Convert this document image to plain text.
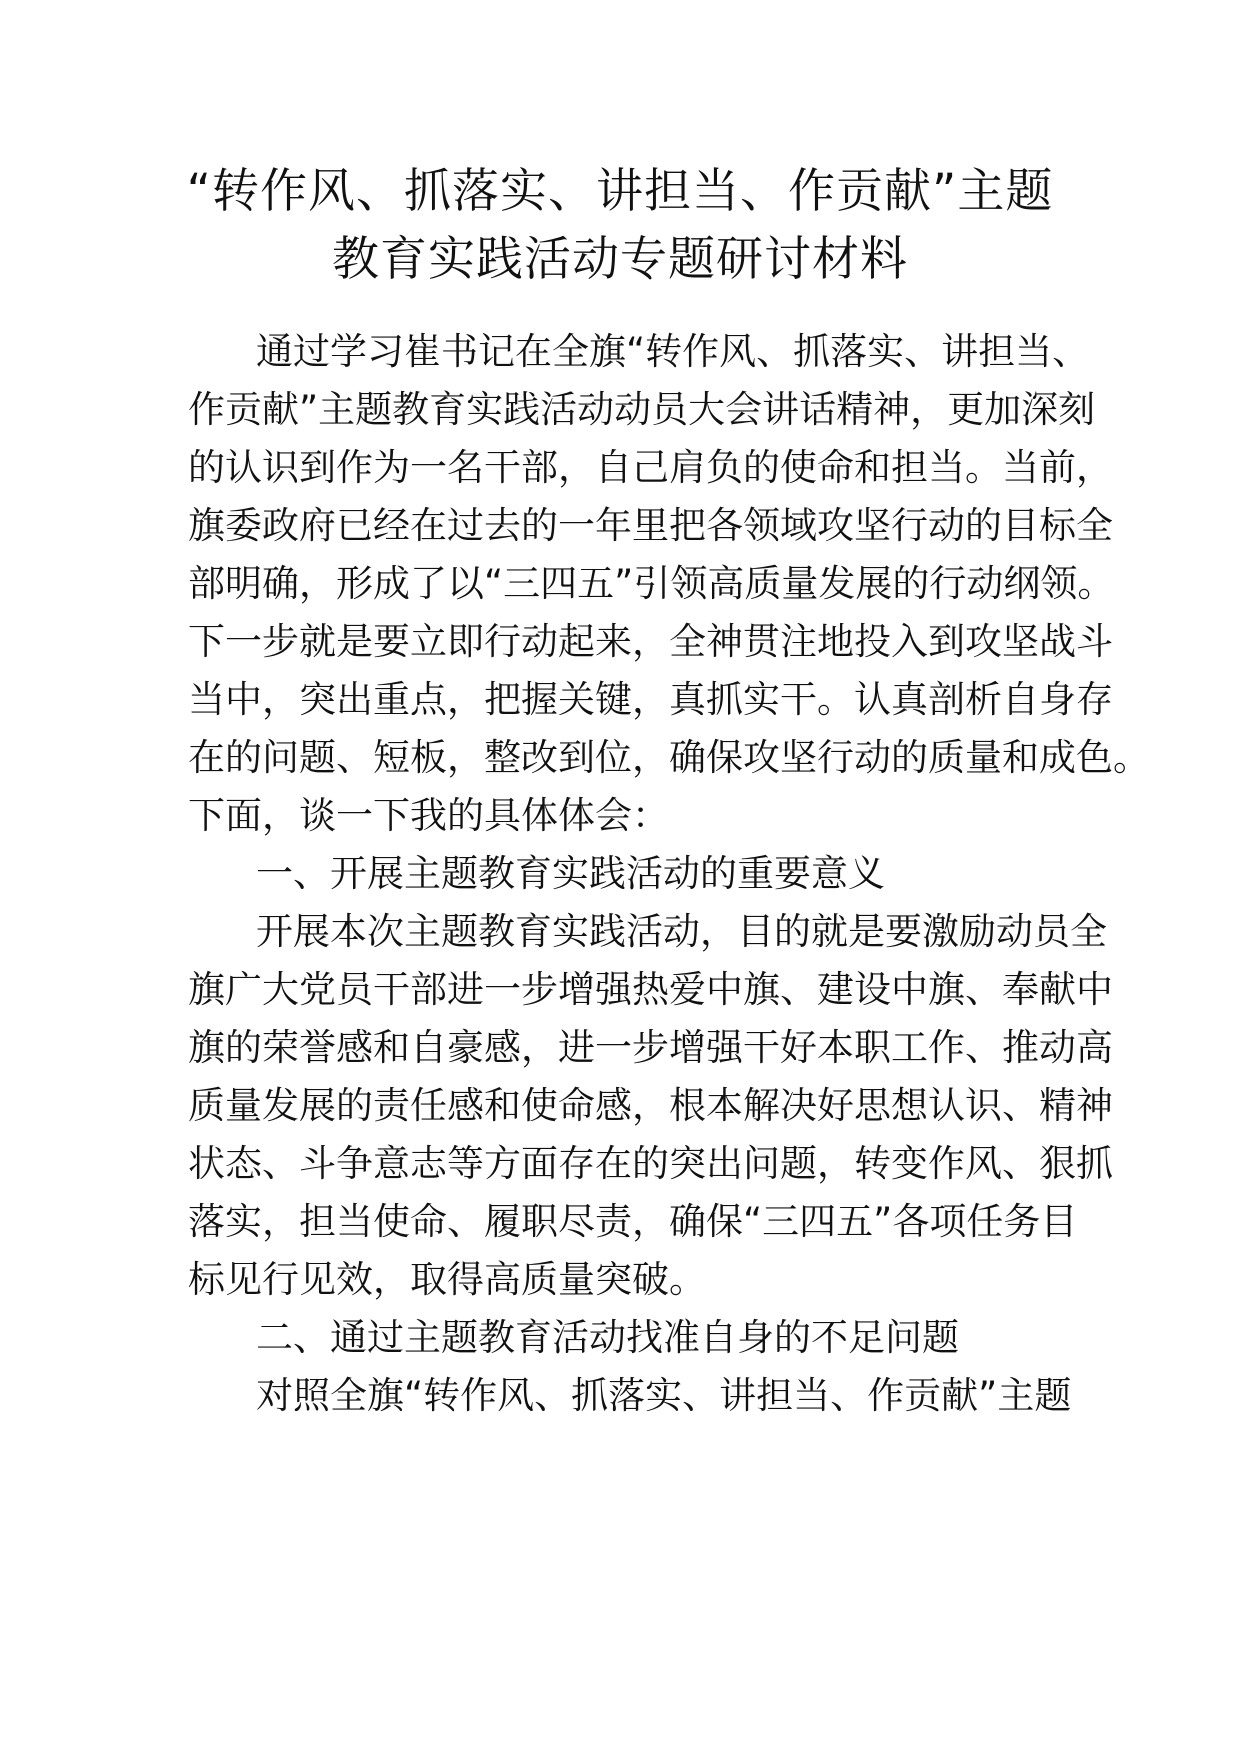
“转作风、抓落实、讲担当、作贡献”主题
教育实践活动专题研讨材料
通过学习崔书记在全旗“转作风、抓落实、讲担当、
作贡献”主题教育实践活动动员大会讲话精神，更加深刻
的认识到作为一名干部，自己肩负的使命和担当。当前，
旗委政府已经在过去的一年里把各领域攻坚行动的目标全
部明确，形成了以“三四五”引领高质量发展的行动纲领。
下一步就是要立即行动起来，全神贯注地投入到攻坚战斗
当中，突出重点，把握关键，真抓实干。认真剖析自身存
在的问题、短板，整改到位，确保攻坚行动的质量和成色。
下面，谈一下我的具体体会：
一、开展主题教育实践活动的重要意义
开展本次主题教育实践活动，目的就是要激励动员全
旗广大党员干部进一步增强热爱中旗、建设中旗、奉献中
旗的荣誉感和自豪感，进一步增强干好本职工作、推动高
质量发展的责任感和使命感，根本解决好思想认识、精神
状态、斗争意志等方面存在的突出问题，转变作风、狠抓
落实，担当使命、履职尽责，确保“三四五”各项任务目
标见行见效，取得高质量突破。
二、通过主题教育活动找准自身的不足问题
对照全旗“转作风、抓落实、讲担当、作贡献”主题
